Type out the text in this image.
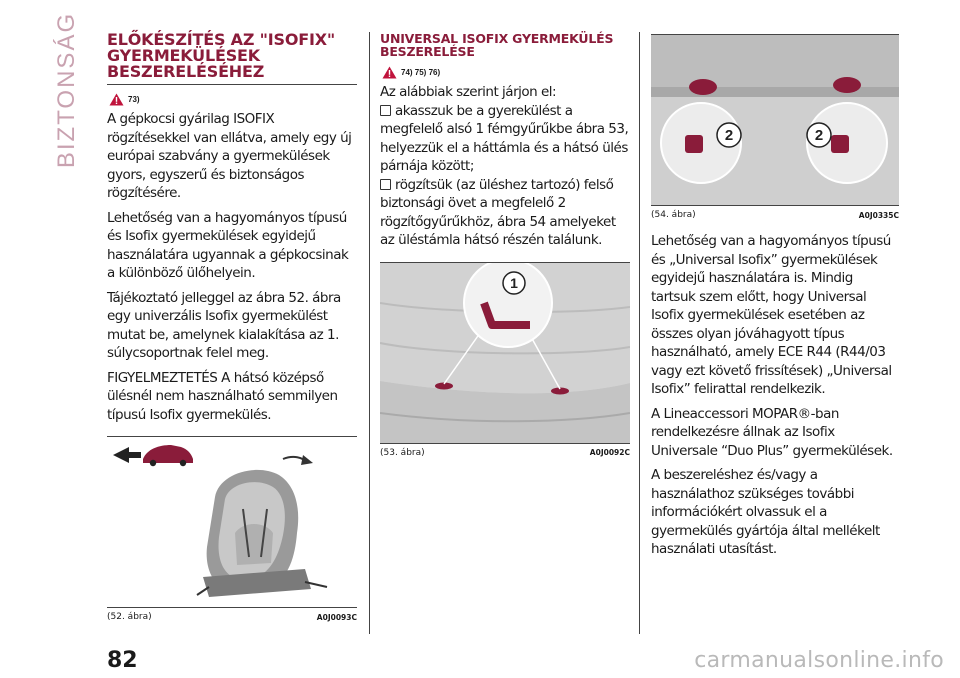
BIZTONSÁG ELŐKÉSZÍTÉS AZ "ISOFIX" GYERMEKÜLÉSEK BESZERELÉSÉHEZ
73)

A gépkocsi gyárilag ISOFIX rögzítésekkel van ellátva, amely egy új európai szabvány a gyermekülések gyors, egyszerű és biztonságos rögzítésére.

Lehetőség van a hagyományos típusú és Isofix gyermekülések egyidejű használatára ugyannak a gépkocsinak a különböző ülőhelyein.

Tájékoztató jelleggel az ábra 52. ábra egy univerzális Isofix gyermekülést mutat be, amelynek kialakítása az 1. súlycsoportnak felel meg.

FIGYELMEZTETÉS A hátsó középső ülésnél nem használható semmilyen típusú Isofix gyermekülés.

(52. ábra)	A0J0093C
UNIVERSAL ISOFIX GYERMEKÜLÉS BESZERELÉSE
74) 75) 76)

Az alábbiak szerint járjon el:

akasszuk be a gyerekülést a megfelelő alsó 1 fémgyűrűkbe ábra 53, helyezzük el a háttámla és a hátsó ülés párnája között;

rögzítsük (az üléshez tartozó) felső biztonsági övet a megfelelő 2 rögzítőgyűrűkhöz, ábra 54 amelyeket az üléstámla hátsó részén találunk.

1
(53. ábra)	A0J0092C
2	2
(54. ábra)	A0J0335C

Lehetőség van a hagyományos típusú és „Universal Isofix” gyermekülések egyidejű használatára is. Mindig tartsuk szem előtt, hogy Universal Isofix gyermekülések esetében az összes olyan jóváhagyott típus használható, amely ECE R44 (R44/03 vagy ezt követő frissítések) „Universal Isofix” felirattal rendelkezik.

A Lineaccessori MOPAR®-ban rendelkezésre állnak az Isofix Universale “Duo Plus” gyermekülések.

A beszereléshez és/vagy a használathoz szükséges további információkért olvassuk el a gyermekülés gyártója által mellékelt használati utasítást.

82	carmanualsonline.info
